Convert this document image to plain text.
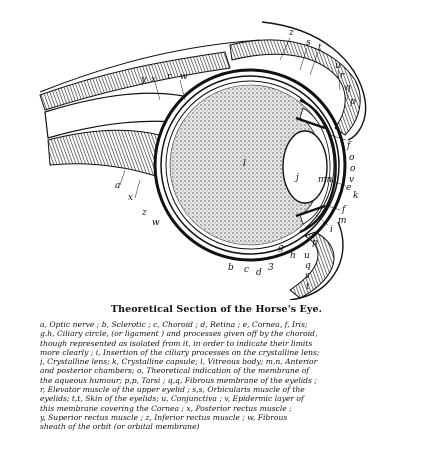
y x r w
z
s t
u
r
q
p
f
o
o
v
e
k
f
m
i
p
u
q
s
t
l
j mn
a
x
z
w
b c d 3
g
h
Theoretical Section of the Horse's Eye.
a, Optic nerve ; b, Sclerotic ; c, Choroid ; d, Retina ; e, Cornea, f, Iris;
g.h, Ciliary circle, (or ligament ) and processes given off by the choroid,
though represented as isolated from it, in order to indicate their limits
more clearly ; i, Insertion of the ciliary processes on the crystalline lens;
j, Crystalline lens; k, Crystalline capsule; l, Vitreous body; m,n, Anterior
and posterior chambers; o, Theoretical indication of the membrane of
the aqueous humour; p,p, Tarsi ; q,q, Fibrous membrane of the eyelids ;
r, Elevator muscle of the upper eyelid ; s,s, Orbicularis muscle of the
eyelids; t,t, Skin of the eyelids; u, Conjunctiva ; v, Epidermic layer of
this membrane covering the Cornea ; x, Posterior rectus muscle ;
y, Superior rectus muscle ; z, Inferior rectus muscle ; w, Fibrous
sheath of the orbit (or orbital membrane)
